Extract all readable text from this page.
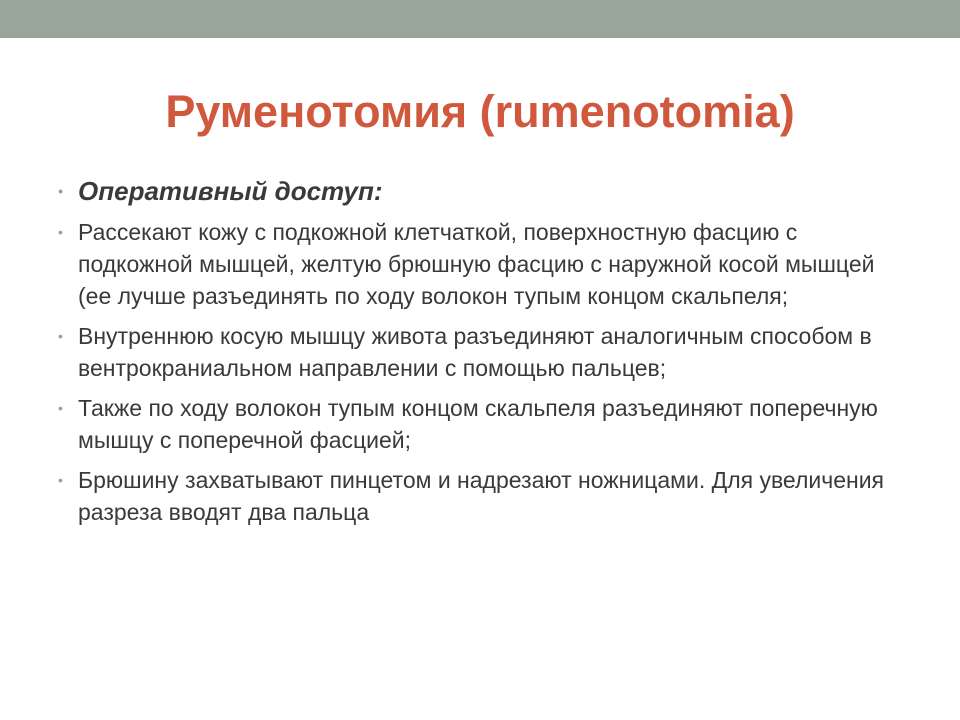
Руменотомия (rumenotomia)
• Оперативный доступ:
• Рассекают кожу с подкожной клетчаткой, поверхностную фасцию с подкожной мышцей, желтую брюшную фасцию с наружной косой мышцей (ее лучше разъединять по ходу волокон тупым концом скальпеля;
• Внутреннюю косую мышцу живота разъединяют аналогичным способом в вентрокраниальном направлении с помощью пальцев;
• Также по ходу волокон тупым концом скальпеля разъединяют поперечную мышцу с поперечной фасцией;
• Брюшину захватывают пинцетом и надрезают ножницами. Для увеличения разреза вводят два пальца
